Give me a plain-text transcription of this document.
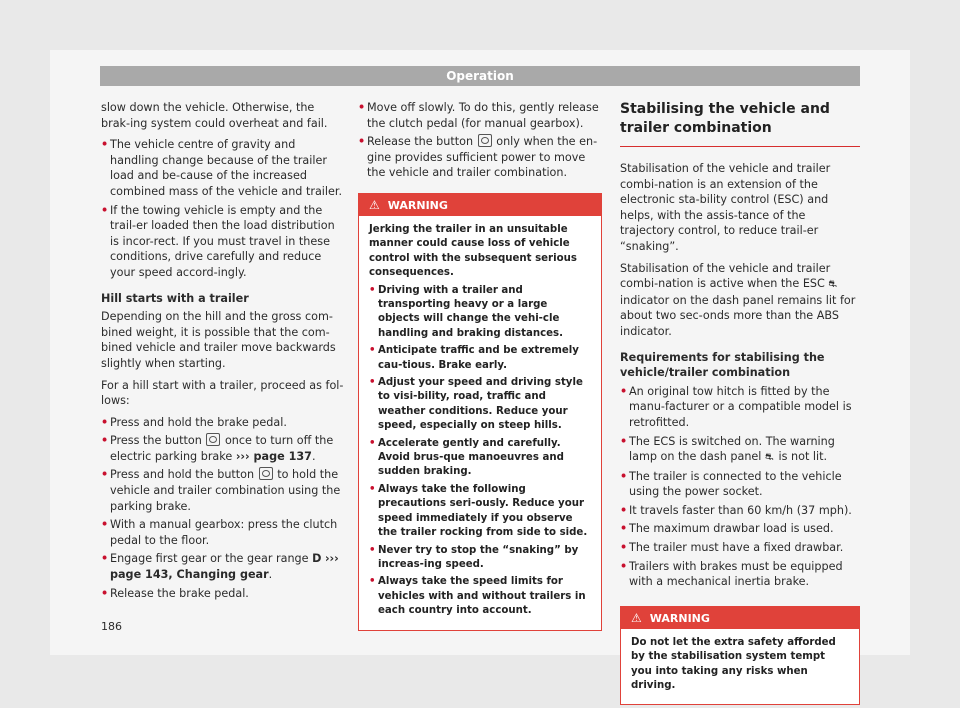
Operation

slow down the vehicle. Otherwise, the brak-ing system could overheat and fail.

• The vehicle centre of gravity and handling change because of the trailer load and be-cause of the increased combined mass of the vehicle and trailer.
• If the towing vehicle is empty and the trail-er loaded then the load distribution is incor-rect. If you must travel in these conditions, drive carefully and reduce your speed accord-ingly.
Hill starts with a trailer

Depending on the hill and the gross com-bined weight, it is possible that the com-bined vehicle and trailer move backwards slightly when starting.

For a hill start with a trailer, proceed as fol-lows:

• Press and hold the brake pedal.
• Press the button once to turn off the electric parking brake ››› page 137.
• Press and hold the button to hold the vehicle and trailer combination using the parking brake.
• With a manual gearbox: press the clutch pedal to the floor.
• Engage first gear or the gear range D ››› page 143, Changing gear.
• Release the brake pedal.
• Move off slowly. To do this, gently release the clutch pedal (for manual gearbox).
• Release the button only when the en-gine provides sufficient power to move the vehicle and trailer combination.
⚠ WARNING

Jerking the trailer in an unsuitable manner could cause loss of vehicle control with the subsequent serious consequences.

• Driving with a trailer and transporting heavy or a large objects will change the vehi-cle handling and braking distances.
• Anticipate traffic and be extremely cau-tious. Brake early.
• Adjust your speed and driving style to visi-bility, road, traffic and weather conditions. Reduce your speed, especially on steep hills.
• Accelerate gently and carefully. Avoid brus-que manoeuvres and sudden braking.
• Always take the following precautions seri-ously. Reduce your speed immediately if you observe the trailer rocking from side to side.
• Never try to stop the “snaking” by increas-ing speed.
• Always take the speed limits for vehicles with and without trailers in each country into account.
Stabilising the vehicle and trailer combination

Stabilisation of the vehicle and trailer combi-nation is an extension of the electronic sta-bility control (ESC) and helps, with the assis-tance of the trajectory control, to reduce trail-er “snaking”.

Stabilisation of the vehicle and trailer combi-nation is active when the ESC ⛐ indicator on the dash panel remains lit for about two sec-onds more than the ABS indicator.

Requirements for stabilising the vehicle/trailer combination
• An original tow hitch is fitted by the manu-facturer or a compatible model is retrofitted.
• The ECS is switched on. The warning lamp on the dash panel ⛐ is not lit.
• The trailer is connected to the vehicle using the power socket.
• It travels faster than 60 km/h (37 mph).
• The maximum drawbar load is used.
• The trailer must have a fixed drawbar.
• Trailers with brakes must be equipped with a mechanical inertia brake.
⚠ WARNING

Do not let the extra safety afforded by the stabilisation system tempt you into taking any risks when driving.

186
